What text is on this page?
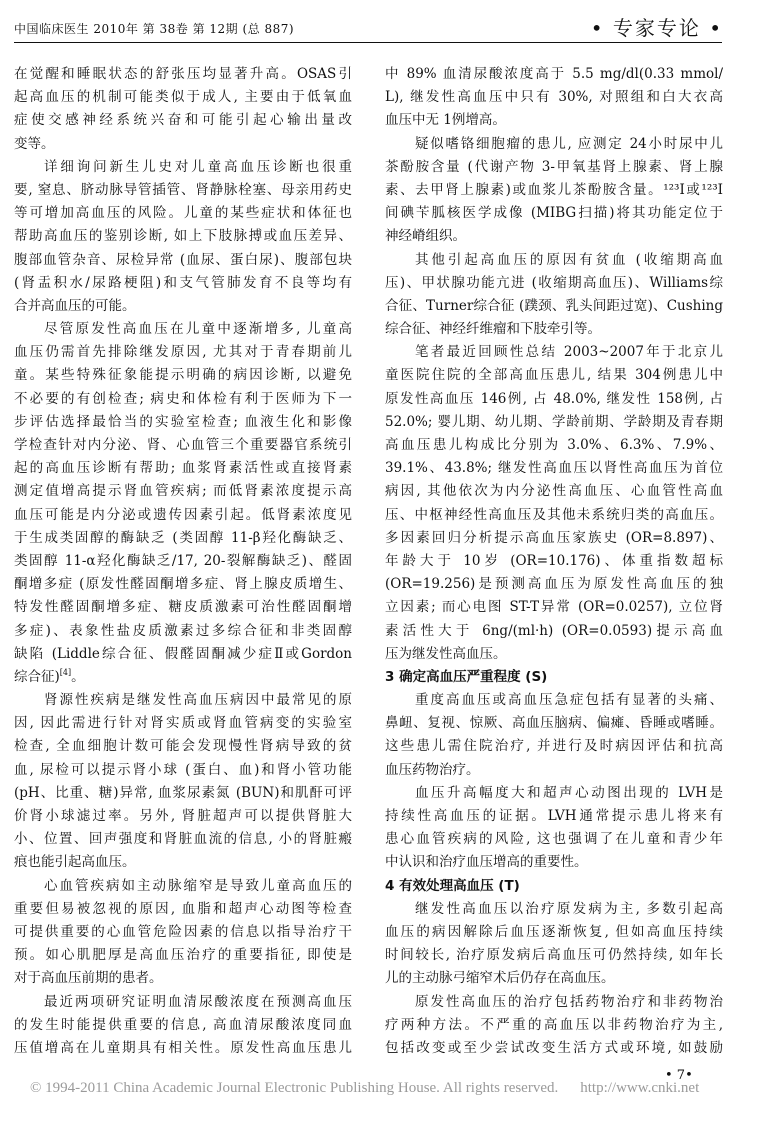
中国临床医生 2010年 第 38卷 第 12期 (总 887)	• 专家专论 •
在觉醒和睡眠状态的舒张压均显著升高。OSAS引
起高血压的机制可能类似于成人, 主要由于低氧血
症使交感神经系统兴奋和可能引起心输出量改
变等。
详细询问新生儿史对儿童高血压诊断也很重
要, 窒息、脐动脉导管插管、肾静脉栓塞、母亲用药史
等可增加高血压的风险。儿童的某些症状和体征也
帮助高血压的鉴别诊断, 如上下肢脉搏或血压差异、
腹部血管杂音、尿检异常 (血尿、蛋白尿)、腹部包块
(肾盂积水/尿路梗阻)和支气管肺发育不良等均有
合并高血压的可能。
尽管原发性高血压在儿童中逐渐增多, 儿童高
血压仍需首先排除继发原因, 尤其对于青春期前儿
童。某些特殊征象能提示明确的病因诊断, 以避免
不必要的有创检查; 病史和体检有利于医师为下一
步评估选择最恰当的实验室检查; 血液生化和影像
学检查针对内分泌、肾、心血管三个重要器官系统引
起的高血压诊断有帮助; 血浆肾素活性或直接肾素
测定值增高提示肾血管疾病; 而低肾素浓度提示高
血压可能是内分泌或遗传因素引起。低肾素浓度见
于生成类固醇的酶缺乏 (类固醇 11-β羟化酶缺乏、
类固醇 11-α羟化酶缺乏/17, 20-裂解酶缺乏)、醛固
酮增多症 (原发性醛固酮增多症、肾上腺皮质增生、
特发性醛固酮增多症、糖皮质激素可治性醛固酮增
多症)、表象性盐皮质激素过多综合征和非类固醇
缺陷 (Liddle综合征、假醛固酮减少症Ⅱ或Gordon
综合征)[4]。
肾源性疾病是继发性高血压病因中最常见的原
因, 因此需进行针对肾实质或肾血管病变的实验室
检查, 全血细胞计数可能会发现慢性肾病导致的贫
血, 尿检可以提示肾小球 (蛋白、血)和肾小管功能
(pH、比重、糖)异常, 血浆尿素氮 (BUN)和肌酐可评
价肾小球滤过率。另外, 肾脏超声可以提供肾脏大
小、位置、回声强度和肾脏血流的信息, 小的肾脏瘢
痕也能引起高血压。
心血管疾病如主动脉缩窄是导致儿童高血压的
重要但易被忽视的原因, 血脂和超声心动图等检查
可提供重要的心血管危险因素的信息以指导治疗干
预。如心肌肥厚是高血压治疗的重要指征, 即使是
对于高血压前期的患者。
最近两项研究证明血清尿酸浓度在预测高血压
的发生时能提供重要的信息, 高血清尿酸浓度同血
压值增高在儿童期具有相关性。原发性高血压患儿
中 89% 血清尿酸浓度高于 5.5 mg/dl(0.33 mmol/
L), 继发性高血压中只有 30%, 对照组和白大衣高
血压中无 1例增高。
疑似嗜铬细胞瘤的患儿, 应测定 24小时尿中儿
茶酚胺含量 (代谢产物 3-甲氧基肾上腺素、肾上腺
素、去甲肾上腺素)或血浆儿茶酚胺含量。¹²³I或¹²³I
间碘苄胍核医学成像 (MIBG扫描)将其功能定位于
神经嵴组织。
其他引起高血压的原因有贫血 (收缩期高血
压)、甲状腺功能亢进 (收缩期高血压)、Williams综
合征、Turner综合征 (蹼颈、乳头间距过宽)、Cushing
综合征、神经纤维瘤和下肢牵引等。
笔者最近回顾性总结 2003~2007年于北京儿
童医院住院的全部高血压患儿, 结果 304例患儿中
原发性高血压 146例, 占 48.0%, 继发性 158例, 占
52.0%; 婴儿期、幼儿期、学龄前期、学龄期及青春期
高血压患儿构成比分别为 3.0%、6.3%、7.9%、
39.1%、43.8%; 继发性高血压以肾性高血压为首位
病因, 其他依次为内分泌性高血压、心血管性高血
压、中枢神经性高血压及其他未系统归类的高血压。
多因素回归分析提示高血压家族史 (OR=8.897)、
年龄大于 10岁 (OR=10.176)、体重指数超标
(OR=19.256)是预测高血压为原发性高血压的独
立因素; 而心电图 ST-T异常 (OR=0.0257), 立位肾
素活性大于 6ng/(ml·h) (OR=0.0593)提示高血
压为继发性高血压。
3 确定高血压严重程度 (S)
重度高血压或高血压急症包括有显著的头痛、
鼻衄、复视、惊厥、高血压脑病、偏瘫、昏睡或嗜睡。
这些患儿需住院治疗, 并进行及时病因评估和抗高
血压药物治疗。
血压升高幅度大和超声心动图出现的 LVH是
持续性高血压的证据。LVH通常提示患儿将来有
患心血管疾病的风险, 这也强调了在儿童和青少年
中认识和治疗血压增高的重要性。
4 有效处理高血压 (T)
继发性高血压以治疗原发病为主, 多数引起高
血压的病因解除后血压逐渐恢复, 但如高血压持续
时间较长, 治疗原发病后高血压可仍然持续, 如年长
儿的主动脉弓缩窄术后仍存在高血压。
原发性高血压的治疗包括药物治疗和非药物治
疗两种方法。不严重的高血压以非药物治疗为主,
包括改变或至少尝试改变生活方式或环境, 如鼓励
• 7•
© 1994-2011 China Academic Journal Electronic Publishing House. All rights reserved. http://www.cnki.net
